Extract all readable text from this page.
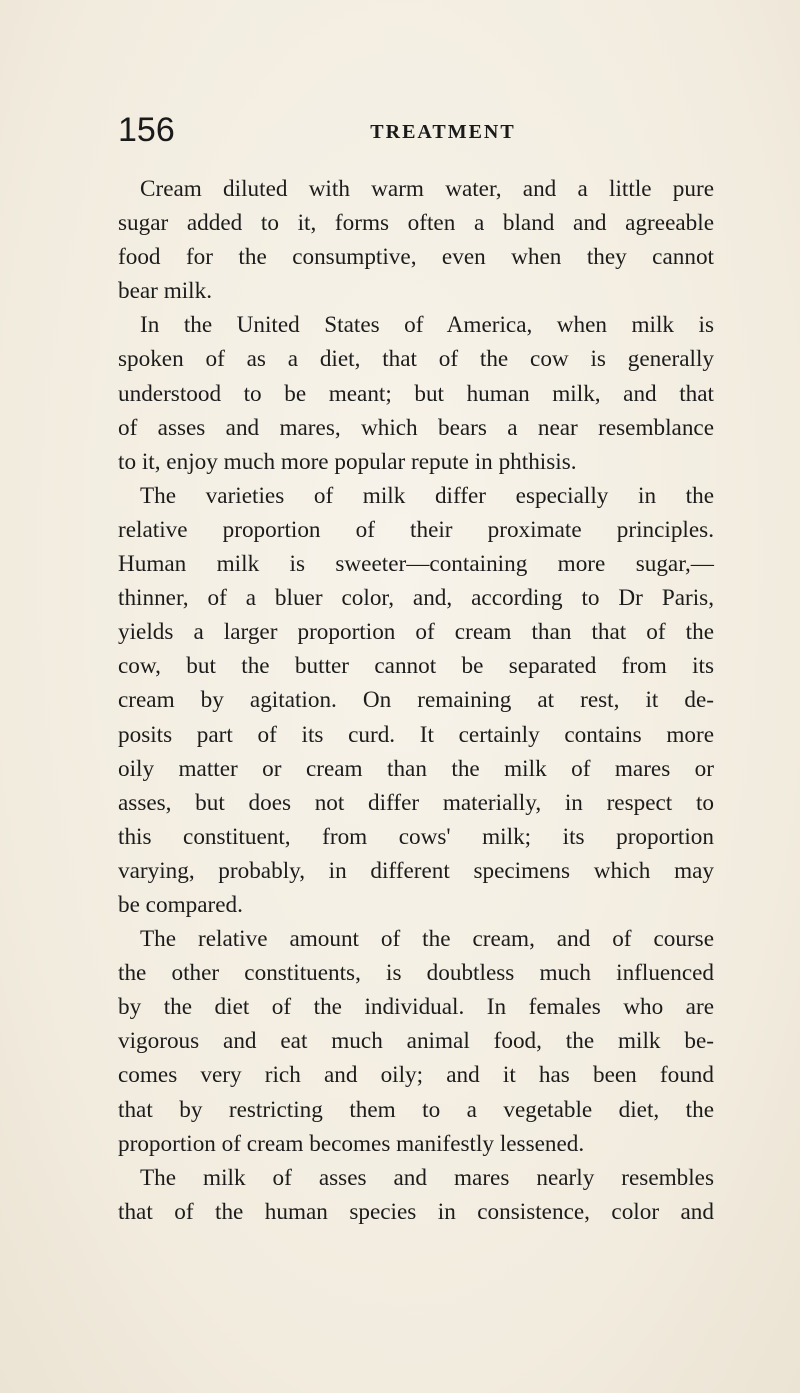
156	TREATMENT
Cream diluted with warm water, and a little pure
sugar added to it, forms often a bland and agreeable
food for the consumptive, even when they cannot
bear milk.
In the United States of America, when milk is
spoken of as a diet, that of the cow is generally
understood to be meant; but human milk, and that
of asses and mares, which bears a near resemblance
to it, enjoy much more popular repute in phthisis.
The varieties of milk differ especially in the
relative proportion of their proximate principles.
Human milk is sweeter—containing more sugar,—
thinner, of a bluer color, and, according to Dr Paris,
yields a larger proportion of cream than that of the
cow, but the butter cannot be separated from its
cream by agitation. On remaining at rest, it de-
posits part of its curd. It certainly contains more
oily matter or cream than the milk of mares or
asses, but does not differ materially, in respect to
this constituent, from cows' milk; its proportion
varying, probably, in different specimens which may
be compared.
The relative amount of the cream, and of course
the other constituents, is doubtless much influenced
by the diet of the individual. In females who are
vigorous and eat much animal food, the milk be-
comes very rich and oily; and it has been found
that by restricting them to a vegetable diet, the
proportion of cream becomes manifestly lessened.
The milk of asses and mares nearly resembles
that of the human species in consistence, color and
